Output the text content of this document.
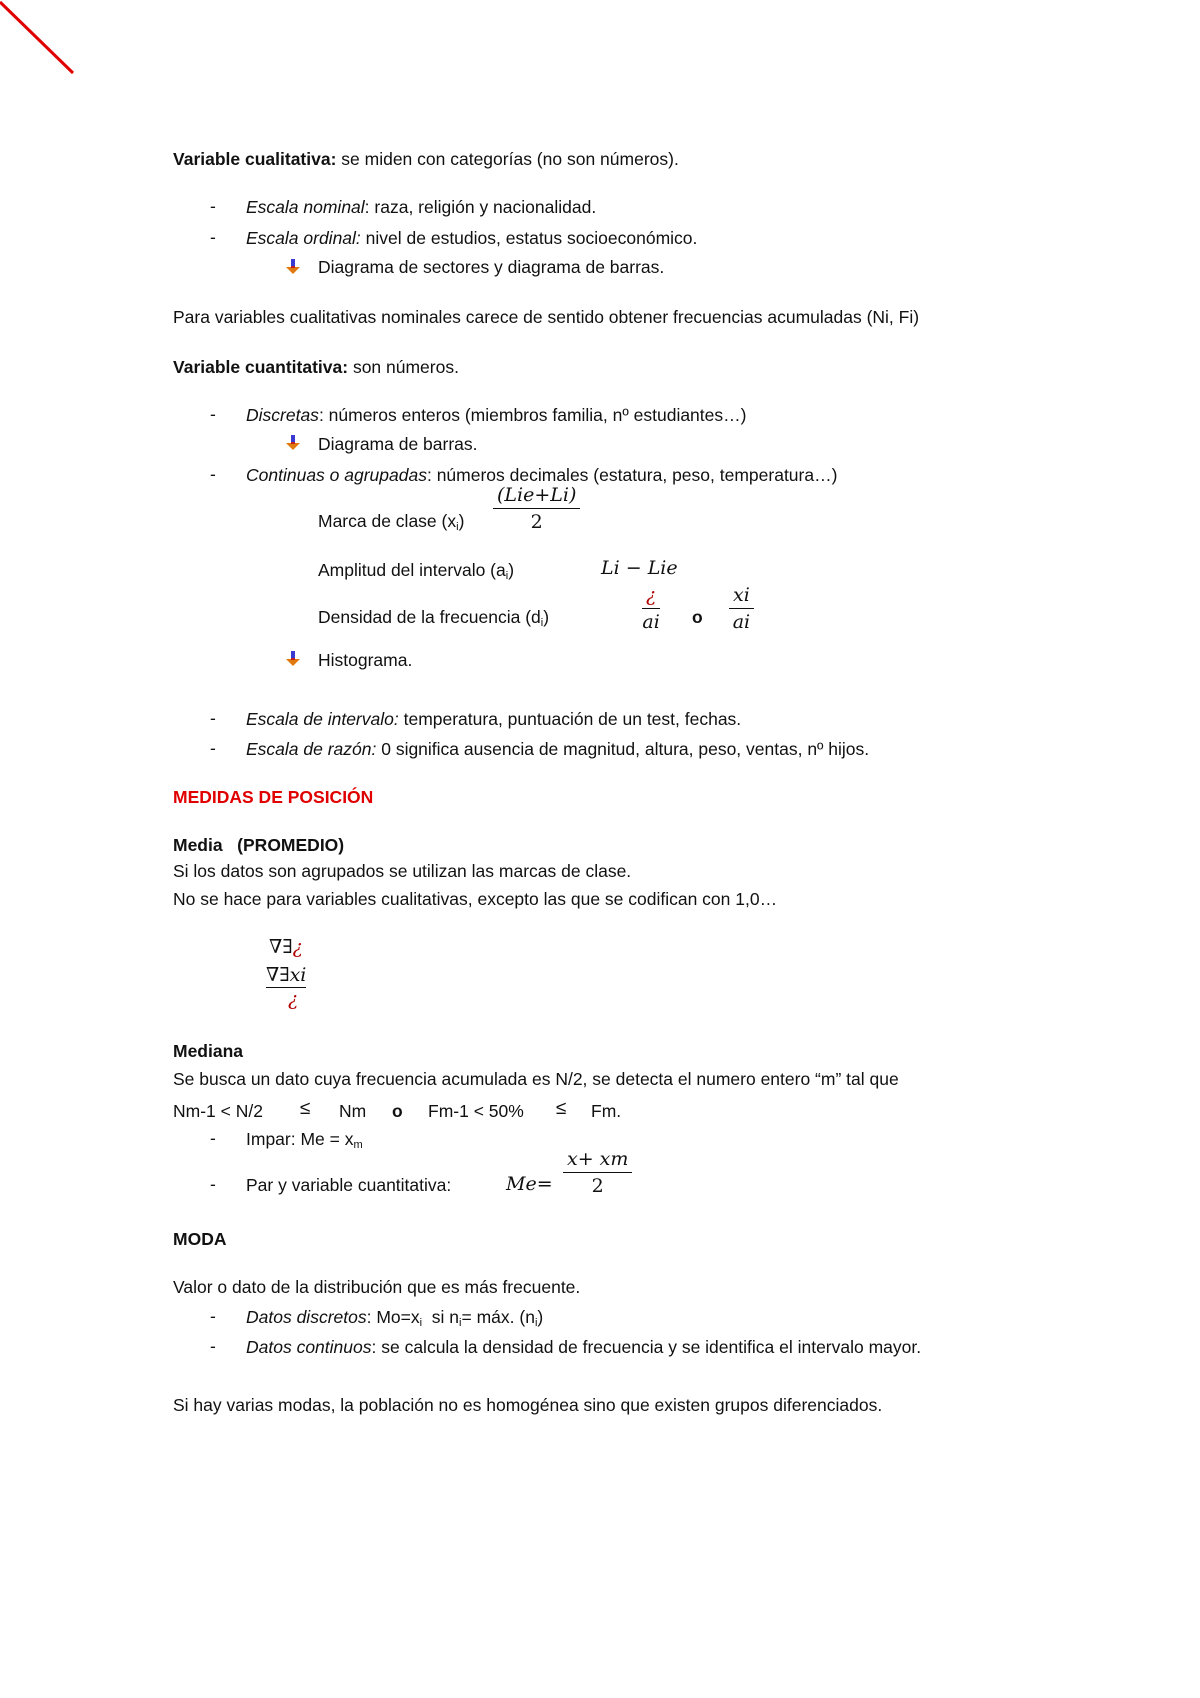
Variable cualitativa: se miden con categorías (no son números).
- Escala nominal: raza, religión y nacionalidad.
- Escala ordinal: nivel de estudios, estatus socioeconómico.
Diagrama de sectores y diagrama de barras.
Para variables cualitativas nominales carece de sentido obtener frecuencias acumuladas (Ni, Fi)
Variable cuantitativa: son números.
- Discretas: números enteros (miembros familia, nº estudiantes…)
Diagrama de barras.
- Continuas o agrupadas: números decimales (estatura, peso, temperatura…)
Marca de clase $(x_i)$
(Lie+Li)
2
Amplitud del intervalo $(a_i)$	Li − Lie
Densidad de la frecuencia $(d_i)$
¿
ai o $\frac{xi}{ai}$
Histograma.
- Escala de intervalo: temperatura, puntuación de un test, fechas.
- Escala de razón: 0 significa ausencia de magnitud, altura, peso, ventas, nº hijos.
MEDIDAS DE POSICIÓN
Media   (PROMEDIO)
Si los datos son agrupados se utilizan las marcas de clase.
No se hace para variables cualitativas, excepto las que se codifican con 1,0…
∇∃¿
∇∃xi
¿
Mediana
Se busca un dato cuya frecuencia acumulada es N/2, se detecta el numero entero “m” tal que
Nm-1 < N/2 ≤ Nm o Fm-1 < 50% ≤ Fm.
- Impar: $Me = x_m$
- Par y variable cuantitativa:	$Me= \frac{x+ xm}{2}$
MODA
Valor o dato de la distribución que es más frecuente.
- Datos discretos: $Mo=x_i$  si $n_i=$ máx. $(n_i)$
- Datos continuos: se calcula la densidad de frecuencia y se identifica el intervalo mayor.
Si hay varias modas, la población no es homogénea sino que existen grupos diferenciados.
